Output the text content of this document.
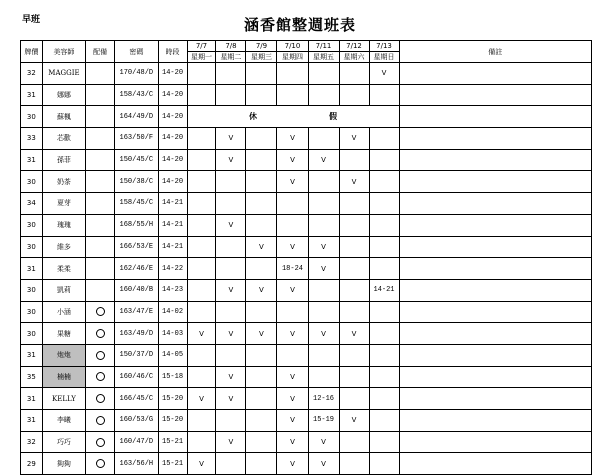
早班	涵香館整週班表
牌價	美容師	配備	密碼	時段	7/7	7/8	7/9	7/10	7/11	7/12	7/13	備註
					星期一	星期二	星期三	星期四	星期五	星期六	星期日	
32	MAGGIE		170/48/D	14-20							V	
31	娜娜		158/43/C	14-20								
30	蘇楓		164/49/D	14-20	休　　　　　　　　　假							
33	芯歡		163/50/F	14-20		V		V		V		
31	孫菲		150/45/C	14-20		V		V	V			
30	奶茶		150/38/C	14-20				V		V		
34	夏芽		158/45/C	14-21								
30	瑰瑰		168/55/H	14-21		V						
30	維多		166/53/E	14-21			V	V	V			
31	柔柔		162/46/E	14-22				18-24	V			
30	凱莉		160/40/B	14-23		V	V	V			14-21	
30	小涵		163/47/E	14-02								
30	果糖		163/49/D	14-03	V	V	V	V	V	V		
31	炮炮		150/37/D	14-05								
35	楠楠		160/46/C	15-18		V		V				
31	KELLY		166/45/C	15-20	V	V		V	12-16			
31	李曦		160/53/G	15-20				V	15-19	V		
32	巧巧		160/47/D	15-21		V		V	V			
29	夠夠		163/56/H	15-21	V			V	V			
